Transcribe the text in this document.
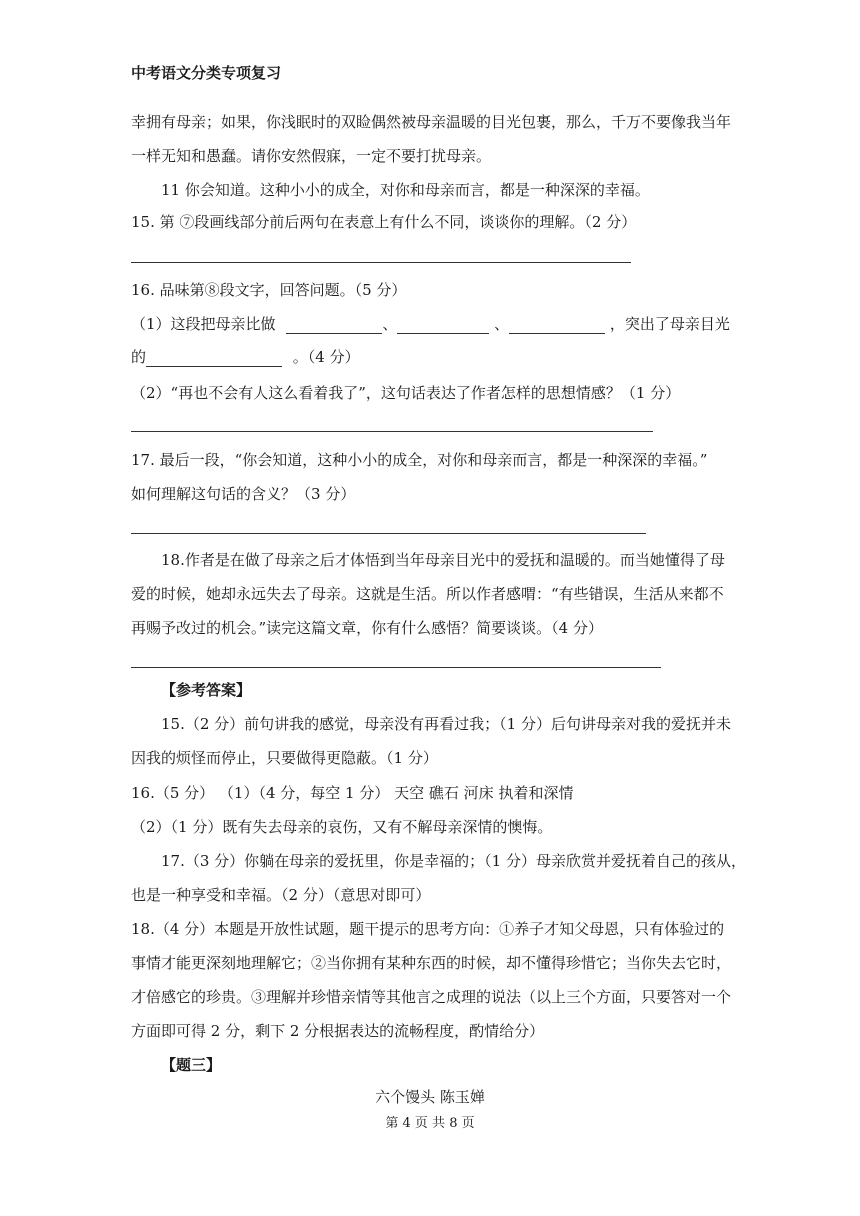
中考语文分类专项复习
幸拥有母亲；如果，你浅眠时的双睑偶然被母亲温暖的目光包裹，那么，千万不要像我当年
一样无知和愚蠢。请你安然假寐，一定不要打扰母亲。
11 你会知道。这种小小的成全，对你和母亲而言，都是一种深深的幸福。
15. 第 ⑦段画线部分前后两句在表意上有什么不同，谈谈你的理解。（2 分）
16. 品味第⑧段文字，回答问题。（5 分）
（1）这段把母亲比做	、	、	，突出了母亲目光
的	。（4 分）
（2）“再也不会有人这么看着我了”，这句话表达了作者怎样的思想情感？（1 分）
17. 最后一段，“你会知道，这种小小的成全，对你和母亲而言，都是一种深深的幸福。”
如何理解这句话的含义？（3 分）
18.作者是在做了母亲之后才体悟到当年母亲目光中的爱抚和温暖的。而当她懂得了母
爱的时候，她却永远失去了母亲。这就是生活。所以作者感喟：“有些错误，生活从来都不
再赐予改过的机会。”读完这篇文章，你有什么感悟？简要谈谈。（4 分）
【参考答案】
15.（2 分）前句讲我的感觉，母亲没有再看过我；（1 分）后句讲母亲对我的爱抚并未
因我的烦怪而停止，只要做得更隐蔽。（1 分）
16.（5 分） （1）（4 分，每空 1 分） 天空 礁石 河床 执着和深情
（2）（1 分）既有失去母亲的哀伤，又有不解母亲深情的懊悔。
17.（3 分）你躺在母亲的爱抚里，你是幸福的；（1 分）母亲欣赏并爱抚着自己的孩从，
也是一种享受和幸福。（2 分）（意思对即可）
18.（4 分）本题是开放性试题，题干提示的思考方向：①养子才知父母恩，只有体验过的
事情才能更深刻地理解它；②当你拥有某种东西的时候，却不懂得珍惜它；当你失去它时，
才倍感它的珍贵。③理解并珍惜亲情等其他言之成理的说法（以上三个方面，只要答对一个
方面即可得 2 分，剩下 2 分根据表达的流畅程度，酌情给分）
【题三】
六个馒头 陈玉婵
第 4 页 共 8 页
